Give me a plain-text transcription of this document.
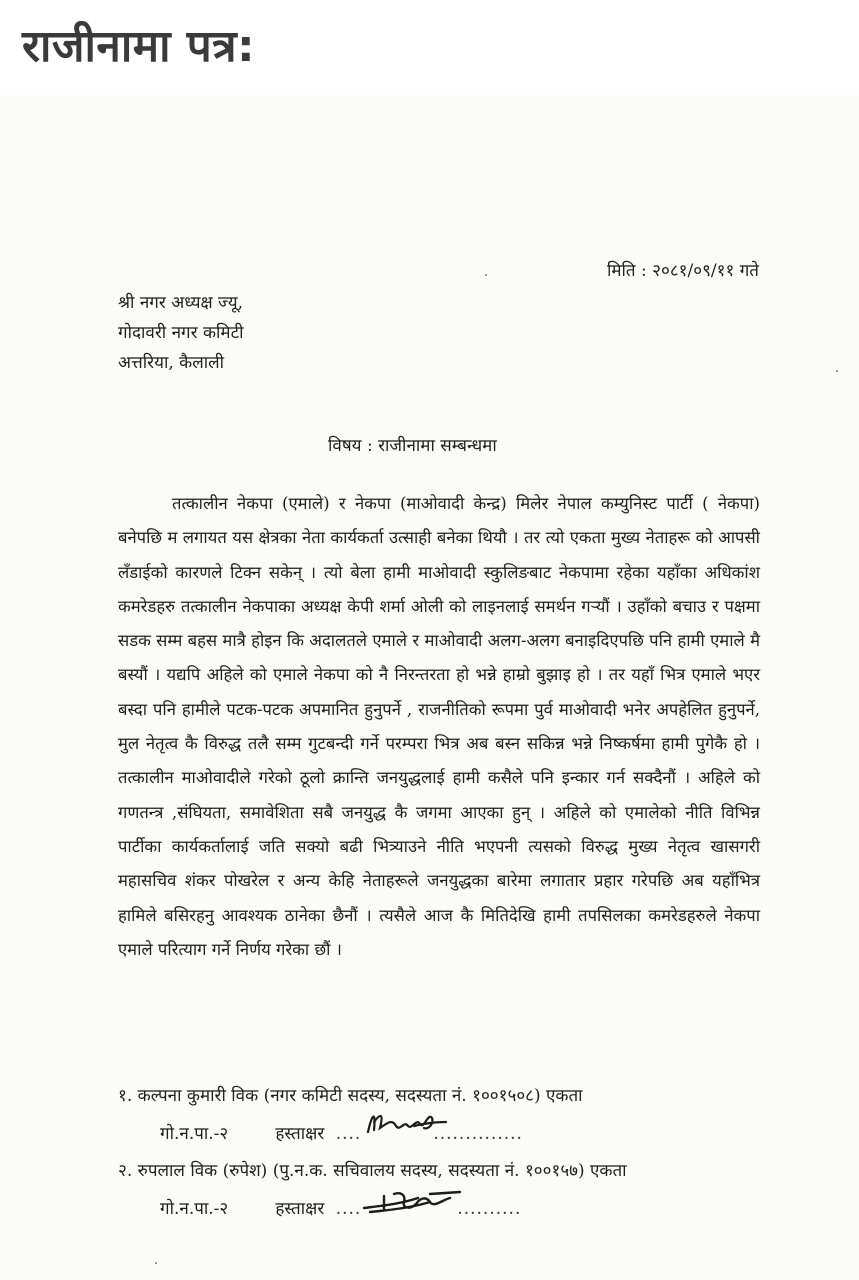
राजीनामा पत्र:
मिति : २०८१/०९/११ गते
श्री नगर अध्यक्ष ज्यू,
गोदावरी नगर कमिटी
अत्तरिया, कैलाली
विषय : राजीनामा सम्बन्धमा
तत्कालीन नेकपा (एमाले) र नेकपा (माओवादी केन्द्र) मिलेर नेपाल कम्युनिस्ट पार्टी ( नेकपा) बनेपछि म लगायत यस क्षेत्रका नेता कार्यकर्ता उत्साही बनेका थियौ । तर त्यो एकता मुख्य नेताहरू को आपसी लँडाईको कारणले टिक्न सकेन् । त्यो बेला हामी माओवादी स्कुलिङबाट नेकपामा रहेका यहाँका अधिकांश कमरेडहरु तत्कालीन नेकपाका अध्यक्ष केपी शर्मा ओली को लाइनलाई समर्थन गऱ्यौं । उहाँको बचाउ र पक्षमा सडक सम्म बहस मात्रै होइन कि अदालतले एमाले र माओवादी अलग-अलग बनाइदिएपछि पनि हामी एमाले मै बस्यौं । यद्यपि अहिले को एमाले नेकपा को नै निरन्तरता हो भन्ने हाम्रो बुझाइ हो । तर यहाँ भित्र एमाले भएर बस्दा पनि हामीले पटक-पटक अपमानित हुनुपर्ने , राजनीतिको रूपमा पुर्व माओवादी भनेर अपहेलित हुनुपर्ने, मुल नेतृत्व कै विरुद्ध तलै सम्म गुटबन्दी गर्ने परम्परा भित्र अब बस्न सकिन्न भन्ने निष्कर्षमा हामी पुगेकै हो । तत्कालीन माओवादीले गरेको ठूलो क्रान्ति जनयुद्धलाई हामी कसैले पनि इन्कार गर्न सक्दैनौं । अहिले को गणतन्त्र ,संघियता, समावेशिता सबै जनयुद्ध कै जगमा आएका हुन् । अहिले को एमालेको नीति विभिन्न पार्टीका कार्यकर्तालाई जति सक्यो बढी भित्र्याउने नीति भएपनी त्यसको विरुद्ध मुख्य नेतृत्व खासगरी महासचिव शंकर पोखरेल र अन्य केहि नेताहरूले जनयुद्धका बारेमा लगातार प्रहार गरेपछि अब यहाँभित्र हामिले बसिरहनु आवश्यक ठानेका छैनौं । त्यसैले आज कै मितिदेखि हामी तपसिलका कमरेडहरुले नेकपा एमाले परित्याग गर्ने निर्णय गरेका छौं ।
१. कल्पना कुमारी विक (नगर कमिटी सदस्य, सदस्यता नं. १००१५०८) एकता
गो.न.पा.-२	हस्ताक्षर ....	..............
२. रुपलाल विक (रुपेश) (पु.न.क. सचिवालय सदस्य, सदस्यता नं. १००१५७) एकता
गो.न.पा.-२	हस्ताक्षर ....	..........
